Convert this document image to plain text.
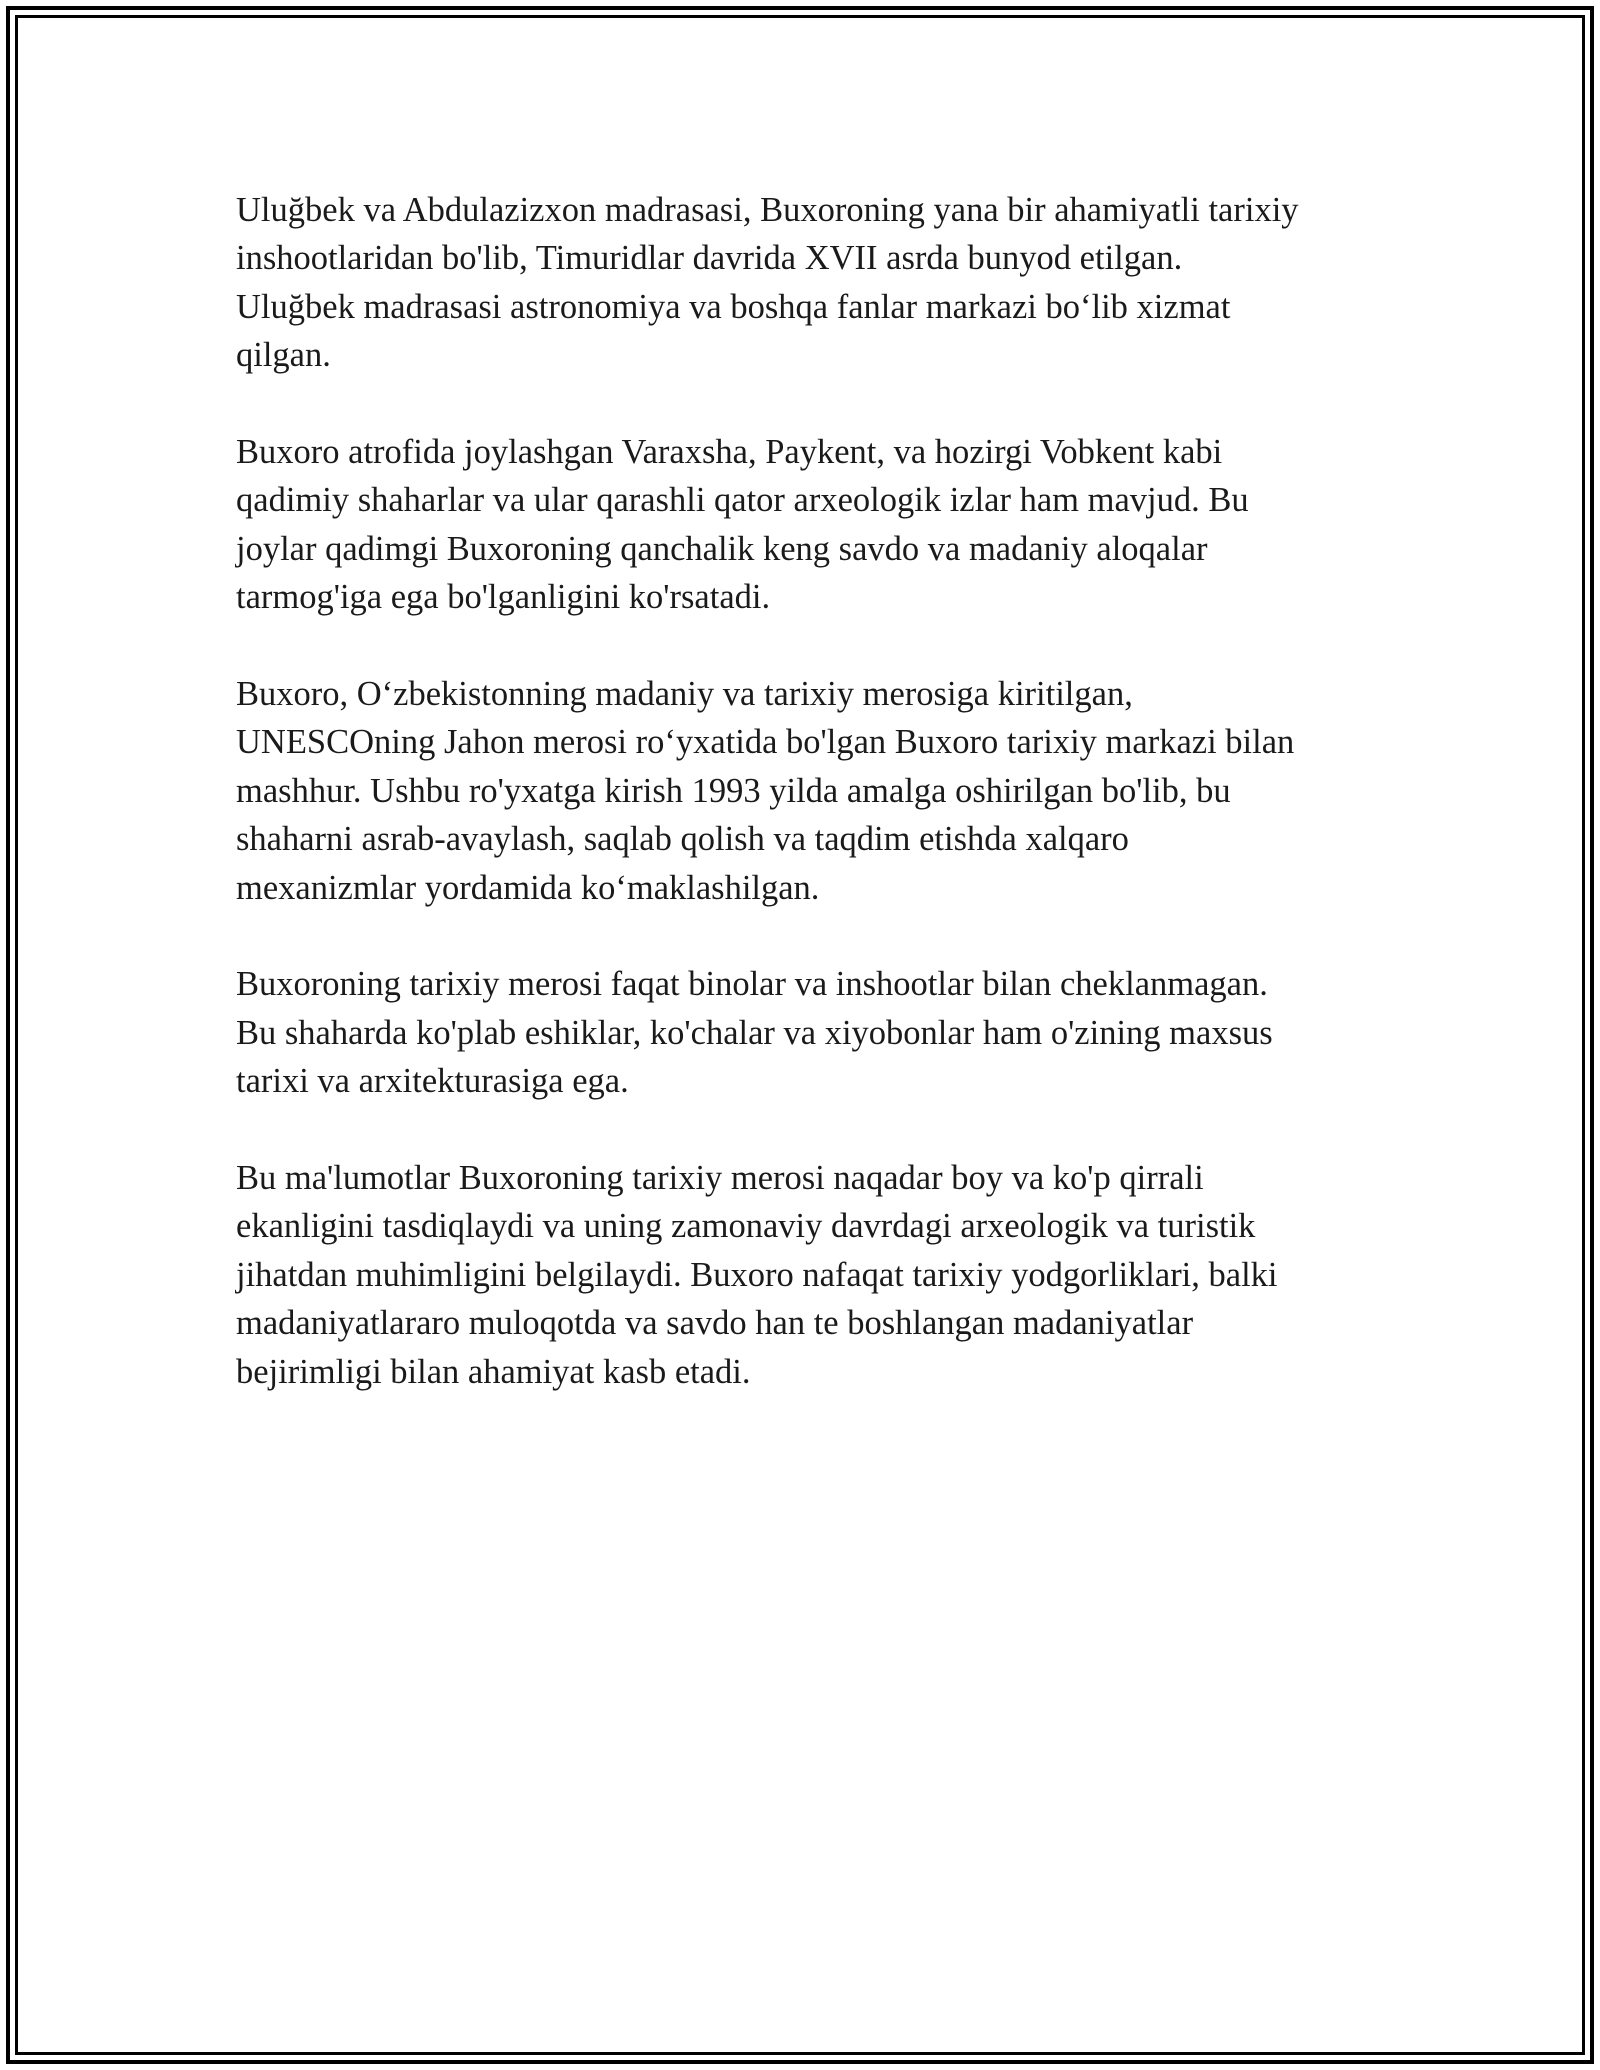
Uluğbek va Abdulazizxon madrasasi, Buxoroning yana bir ahamiyatli tarixiy
inshootlaridan bo'lib, Timuridlar davrida XVII asrda bunyod etilgan.
Uluğbek madrasasi astronomiya va boshqa fanlar markazi bo‘lib xizmat
qilgan.

Buxoro atrofida joylashgan Varaxsha, Paykent, va hozirgi Vobkent kabi
qadimiy shaharlar va ular qarashli qator arxeologik izlar ham mavjud. Bu
joylar qadimgi Buxoroning qanchalik keng savdo va madaniy aloqalar
tarmog'iga ega bo'lganligini ko'rsatadi.

Buxoro, O‘zbekistonning madaniy va tarixiy merosiga kiritilgan,
UNESCOning Jahon merosi ro‘yxatida bo'lgan Buxoro tarixiy markazi bilan
mashhur. Ushbu ro'yxatga kirish 1993 yilda amalga oshirilgan bo'lib, bu
shaharni asrab-avaylash, saqlab qolish va taqdim etishda xalqaro
mexanizmlar yordamida ko‘maklashilgan.

Buxoroning tarixiy merosi faqat binolar va inshootlar bilan cheklanmagan.
Bu shaharda ko'plab eshiklar, ko'chalar va xiyobonlar ham o'zining maxsus
tarixi va arxitekturasiga ega.

Bu ma'lumotlar Buxoroning tarixiy merosi naqadar boy va ko'p qirrali
ekanligini tasdiqlaydi va uning zamonaviy davrdagi arxeologik va turistik
jihatdan muhimligini belgilaydi. Buxoro nafaqat tarixiy yodgorliklari, balki
madaniyatlararo muloqotda va savdo han te boshlangan madaniyatlar
bejirimligi bilan ahamiyat kasb etadi.
